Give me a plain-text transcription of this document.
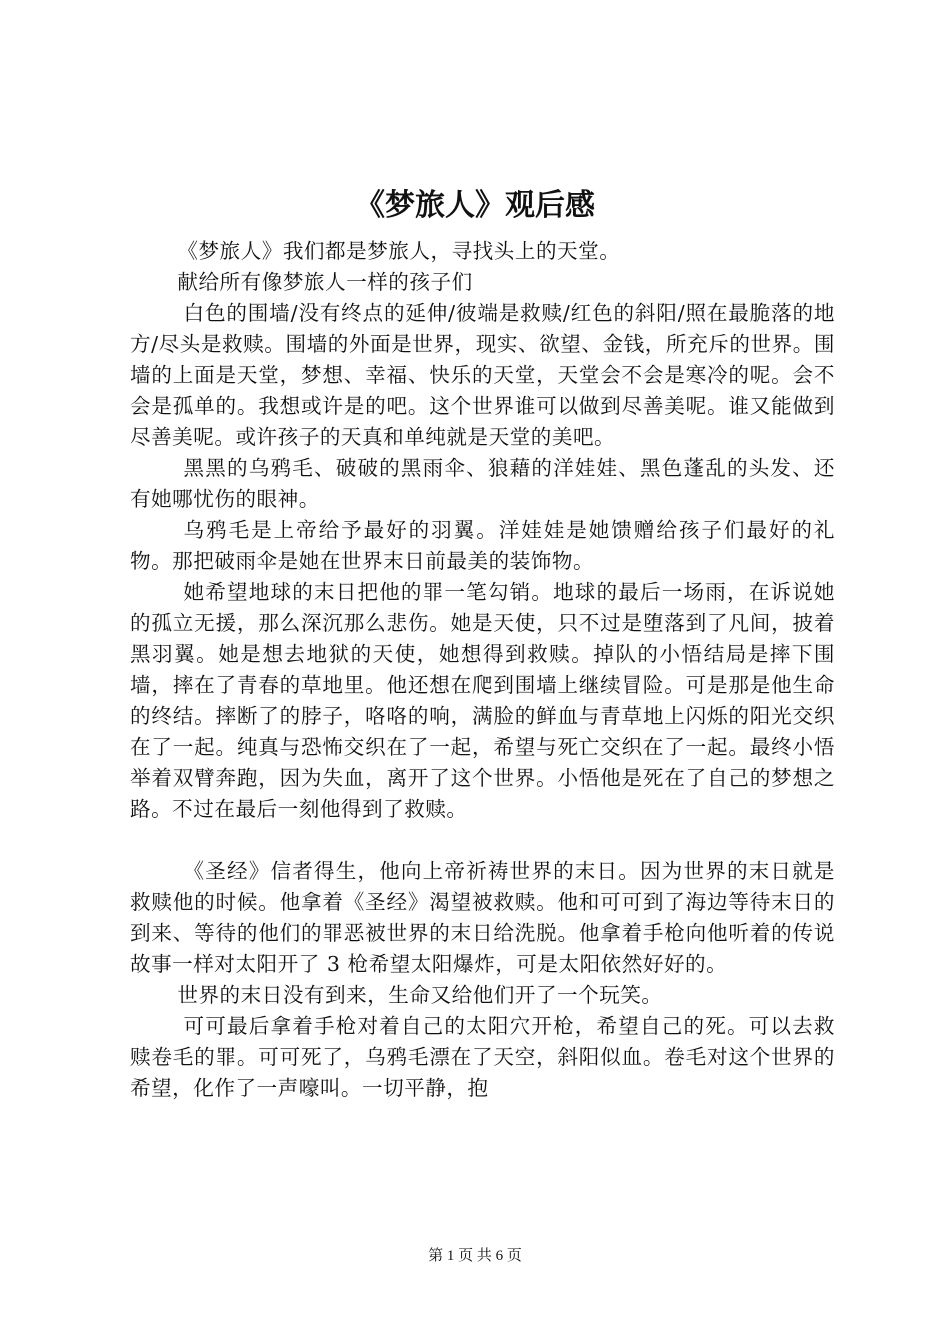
《梦旅人》观后感

《梦旅人》我们都是梦旅人，寻找头上的天堂。

献给所有像梦旅人一样的孩子们

白色的围墙/没有终点的延伸/彼端是救赎/红色的斜阳/照在最脆落的地方/尽头是救赎。围墙的外面是世界，现实、欲望、金钱，所充斥的世界。围墙的上面是天堂，梦想、幸福、快乐的天堂，天堂会不会是寒冷的呢。会不会是孤单的。我想或许是的吧。这个世界谁可以做到尽善美呢。谁又能做到尽善美呢。或许孩子的天真和单纯就是天堂的美吧。

黑黑的乌鸦毛、破破的黑雨伞、狼藉的洋娃娃、黑色蓬乱的头发、还有她哪忧伤的眼神。

乌鸦毛是上帝给予最好的羽翼。洋娃娃是她馈赠给孩子们最好的礼物。那把破雨伞是她在世界末日前最美的装饰物。

她希望地球的末日把他的罪一笔勾销。地球的最后一场雨，在诉说她的孤立无援，那么深沉那么悲伤。她是天使，只不过是堕落到了凡间，披着黑羽翼。她是想去地狱的天使，她想得到救赎。掉队的小悟结局是摔下围墙，摔在了青春的草地里。他还想在爬到围墙上继续冒险。可是那是他生命的终结。摔断了的脖子，咯咯的响，满脸的鲜血与青草地上闪烁的阳光交织在了一起。纯真与恐怖交织在了一起，希望与死亡交织在了一起。最终小悟举着双臂奔跑，因为失血，离开了这个世界。小悟他是死在了自己的梦想之路。不过在最后一刻他得到了救赎。

《圣经》信者得生，他向上帝祈祷世界的末日。因为世界的末日就是救赎他的时候。他拿着《圣经》渴望被救赎。他和可可到了海边等待末日的到来、等待的他们的罪恶被世界的末日给洗脱。他拿着手枪向他听着的传说故事一样对太阳开了 3 枪希望太阳爆炸，可是太阳依然好好的。

世界的末日没有到来，生命又给他们开了一个玩笑。

可可最后拿着手枪对着自己的太阳穴开枪，希望自己的死。可以去救赎卷毛的罪。可可死了，乌鸦毛漂在了天空，斜阳似血。卷毛对这个世界的希望，化作了一声嚎叫。一切平静，抱

第 1 页 共 6 页
